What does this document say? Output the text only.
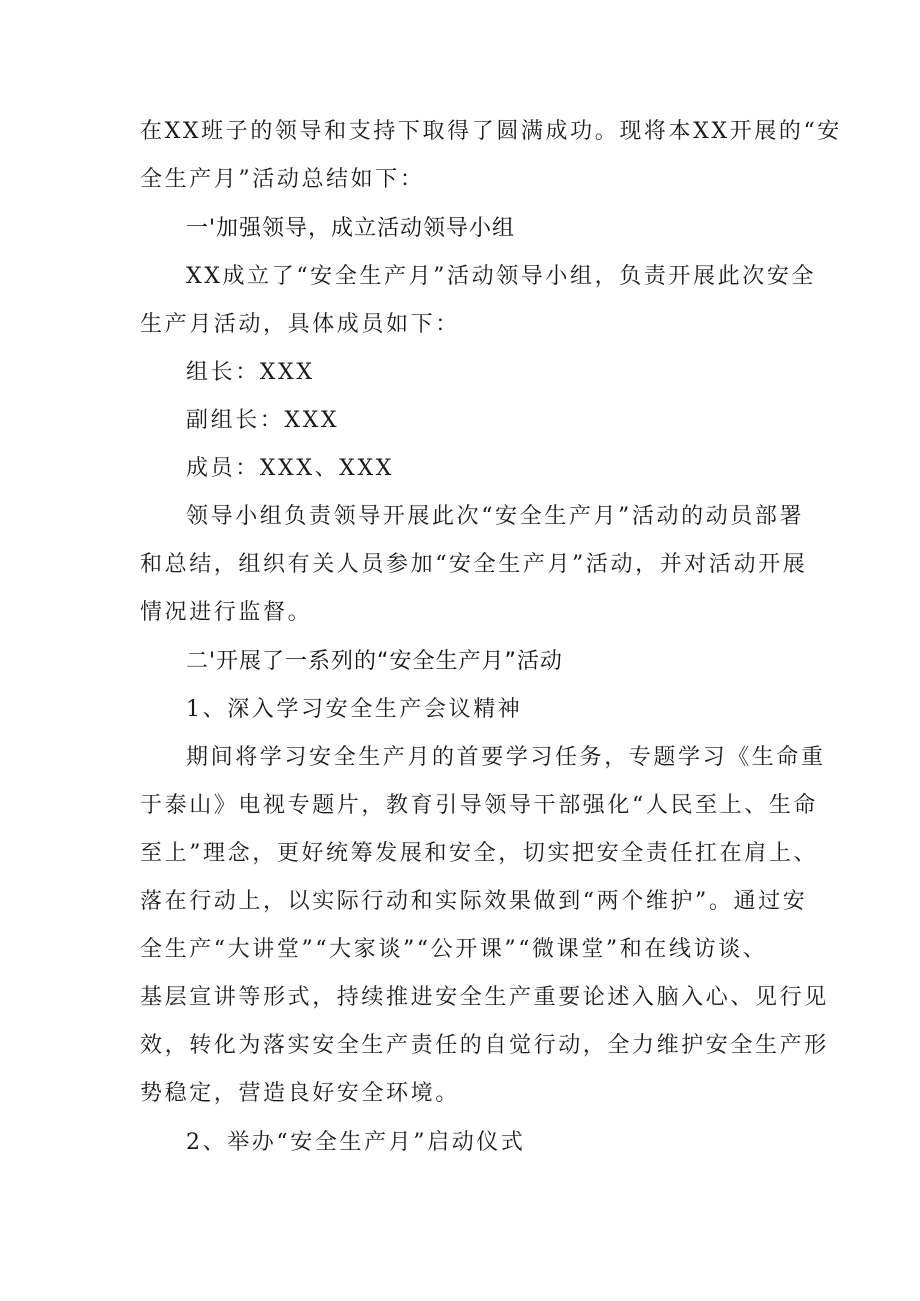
在XX班子的领导和支持下取得了圆满成功。现将本XX开展的“安
全生产月”活动总结如下：
一'加强领导，成立活动领导小组
XX成立了“安全生产月”活动领导小组，负责开展此次安全
生产月活动，具体成员如下：
组长：XXX
副组长：XXX
成员：XXX、XXX
领导小组负责领导开展此次“安全生产月”活动的动员部署
和总结，组织有关人员参加“安全生产月”活动，并对活动开展
情况进行监督。
二'开展了一系列的“安全生产月”活动
1、深入学习安全生产会议精神
期间将学习安全生产月的首要学习任务，专题学习《生命重
于泰山》电视专题片，教育引导领导干部强化“人民至上、生命
至上”理念，更好统筹发展和安全，切实把安全责任扛在肩上、
落在行动上，以实际行动和实际效果做到“两个维护”。通过安
全生产“大讲堂”“大家谈”“公开课”“微课堂”和在线访谈、
基层宣讲等形式，持续推进安全生产重要论述入脑入心、见行见
效，转化为落实安全生产责任的自觉行动，全力维护安全生产形
势稳定，营造良好安全环境。
2、举办“安全生产月”启动仪式
